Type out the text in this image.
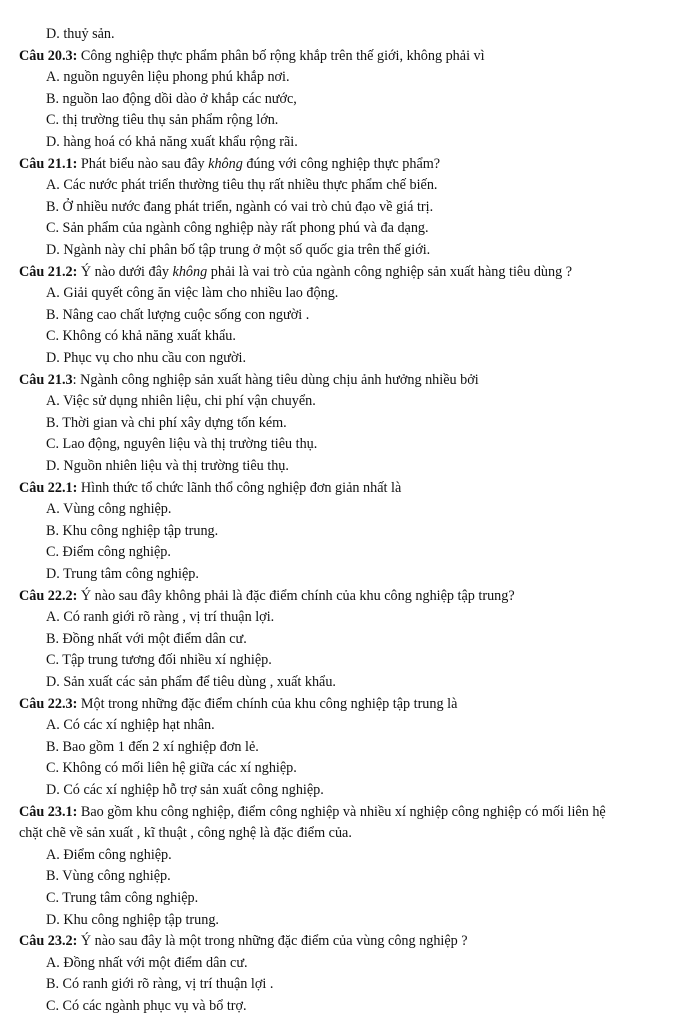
D. thuỷ sản.
Câu 20.3: Công nghiệp thực phẩm phân bố rộng khắp trên thế giới, không phải vì
A. nguồn nguyên liệu phong phú khắp nơi.
B. nguồn lao động dồi dào ở khắp các nước,
C. thị trường tiêu thụ sản phẩm rộng lớn.
D. hàng hoá có khả năng xuất khẩu rộng rãi.
Câu 21.1: Phát biểu nào sau đây không đúng với công nghiệp thực phẩm?
A. Các nước phát triển thường tiêu thụ rất nhiều thực phẩm chế biến.
B. Ở nhiều nước đang phát triển, ngành có vai trò chủ đạo về giá trị.
C. Sản phẩm của ngành công nghiệp này rất phong phú và đa dạng.
D. Ngành này chỉ phân bố tập trung ở một số quốc gia trên thế giới.
Câu 21.2: Ý nào dưới đây không phải là vai trò của ngành công nghiệp sản xuất hàng tiêu dùng ?
A. Giải quyết công ăn việc làm cho nhiều lao động.
B. Nâng cao chất lượng cuộc sống con người .
C. Không có khả năng xuất khẩu.
D. Phục vụ cho nhu cầu con người.
Câu 21.3: Ngành công nghiệp sản xuất hàng tiêu dùng chịu ảnh hưởng nhiều bởi
A. Việc sử dụng nhiên liệu, chi phí vận chuyển.
B. Thời gian và chi phí xây dựng tốn kém.
C. Lao động, nguyên liệu và thị trường tiêu thụ.
D. Nguồn nhiên liệu và thị trường tiêu thụ.
Câu 22.1: Hình thức tổ chức lãnh thổ công nghiệp đơn giản nhất là
A. Vùng công nghiệp.
B. Khu công nghiệp tập trung.
C. Điểm công nghiệp.
D. Trung tâm công nghiệp.
Câu 22.2: Ý nào sau đây không phải là đặc điểm chính của khu công nghiệp tập trung?
A. Có ranh giới rõ ràng , vị trí thuận lợi.
B. Đồng nhất với một điểm dân cư.
C. Tập trung tương đối nhiều xí nghiệp.
D. Sản xuất các sản phẩm để tiêu dùng , xuất khẩu.
Câu 22.3: Một trong những đặc điểm chính của khu công nghiệp tập trung là
A. Có các xí nghiệp hạt nhân.
B. Bao gồm 1 đến 2 xí nghiệp đơn lẻ.
C. Không có mối liên hệ giữa các xí nghiệp.
D. Có các xí nghiệp hỗ trợ sản xuất công nghiệp.
Câu 23.1: Bao gồm khu công nghiệp, điểm công nghiệp và nhiều xí nghiệp công nghiệp có mối liên hệ
chặt chẽ về sản xuất , kĩ thuật , công nghệ là đặc điểm của.
A. Điểm công nghiệp.
B. Vùng công nghiệp.
C. Trung tâm công nghiệp.
D. Khu công nghiệp tập trung.
Câu 23.2: Ý nào sau đây là một trong những đặc điểm của vùng công nghiệp ?
A. Đồng nhất với một điểm dân cư.
B. Có ranh giới rõ ràng, vị trí thuận lợi .
C. Có các ngành phục vụ và bổ trợ.
